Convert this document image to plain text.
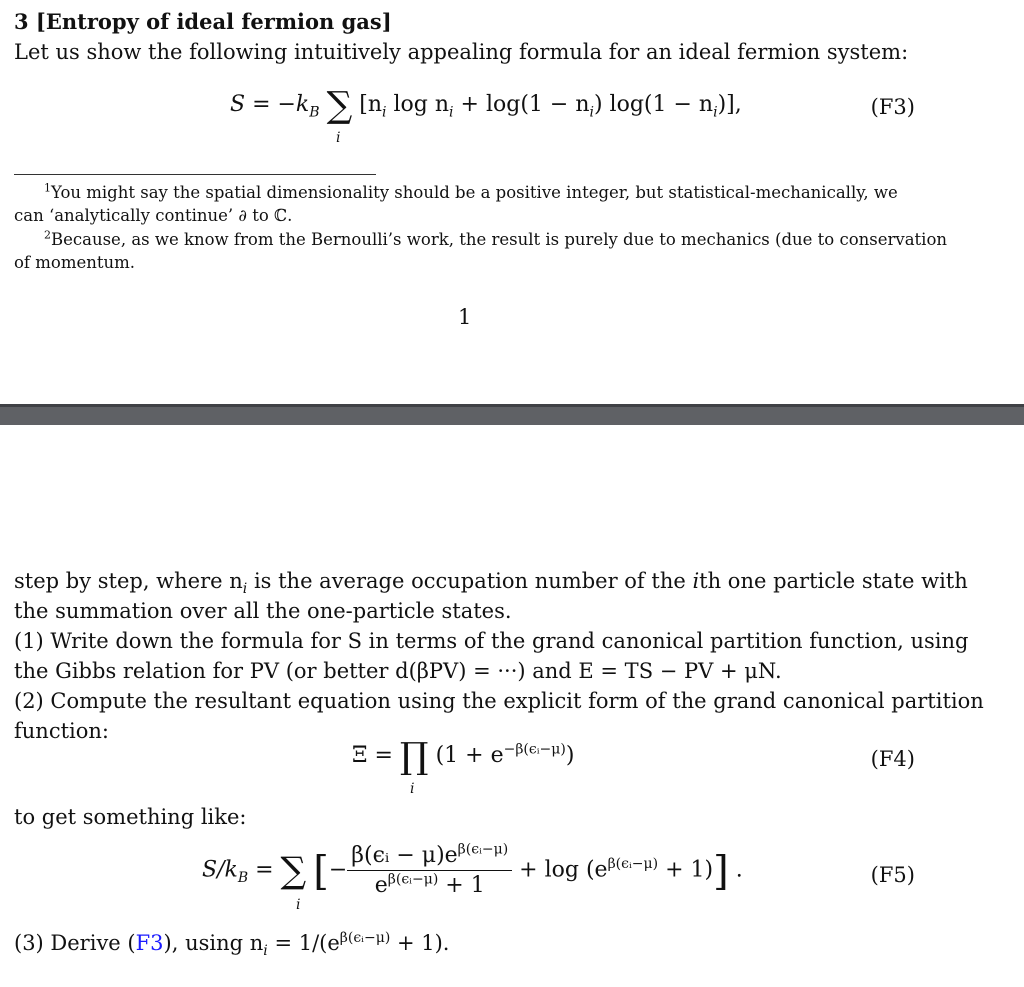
3 [Entropy of ideal fermion gas]
Let us show the following intuitively appealing formula for an ideal fermion system:
$S = -k_B$ ∑ [$n_i$ $\log n_i + \log(1 - n_i) \log(1 - n_i)$],
i
(F3)
$^1$You might say the spatial dimensionality should be a positive integer, but statistical-mechanically, we
can ‘analytically continue’ ∂ to ℂ.
$^2$Because, as we know from the Bernoulli’s work, the result is purely due to mechanics (due to conservation
of momentum.
1
step by step, where $n_i$ is the average occupation number of the ith one particle state with
the summation over all the one-particle states.
(1) Write down the formula for S in terms of the grand canonical partition function, using
the Gibbs relation for PV (or better d(βPV) = ···) and E = TS − PV + μN.
(2) Compute the resultant equation using the explicit form of the grand canonical partition
function:
Ξ = ∏ $(1 + e^{-\beta(\epsilon ᵢ-\mu)})$
i
(F4)
to get something like:
$S/k_B$ = ∑ [− $\frac{\beta(\epsilon ᵢ - \mu)e^{\beta(\epsilon ᵢ-\mu)}}{e^{\beta(\epsilon ᵢ-\mu)} + 1} + \log (e^{\beta(\epsilon ᵢ-\mu)} + 1)$] .
i
(F5)
(3) Derive (F3), using $n_i = 1/(e^{\beta(\epsilon ᵢ-\mu)} + 1)$.
